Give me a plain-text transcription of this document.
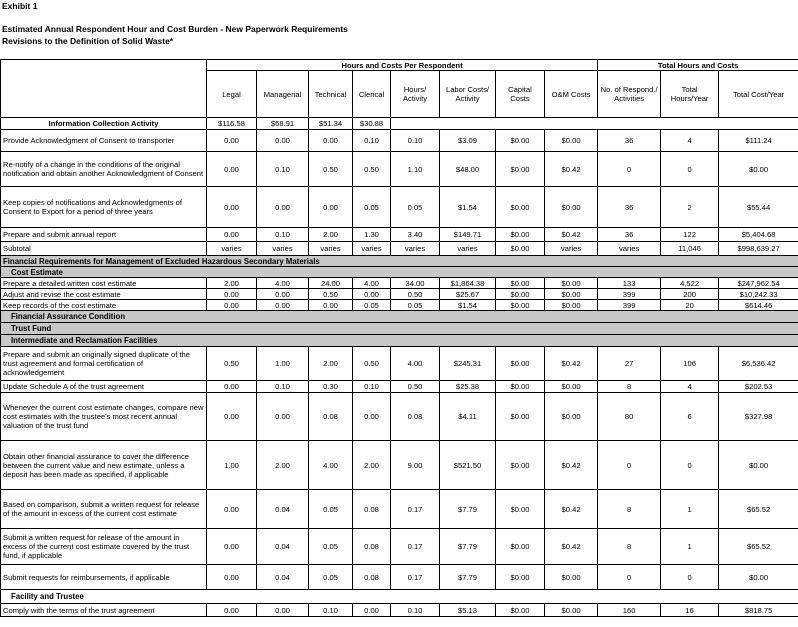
Exhibit 1
Estimated Annual Respondent Hour and Cost Burden - New Paperwork Requirements
Revisions to the Definition of Solid Waste*
	Hours and Costs Per Respondent								Total Hours and Costs		
	Legal	Managerial	Technical	Clerical	Hours/ Activity	Labor Costs/ Activity	Capital Costs	O&M Costs	No. of Respond./ Activities	Total Hours/Year	Total Cost/Year
Information Collection Activity	$116.58	$68.91	$51.34	$30.88							
Provide Acknowledgment of Consent to transporter	0.00	0.00	0.00	0.10	0.10	$3.09	$0.00	$0.00	36	4	$111.24
Re-notify of a change in the conditions of the original notification and obtain another Acknowledgment of Consent	0.00	0.10	0.50	0.50	1.10	$48.00	$0.00	$0.42	0	0	$0.00
Keep copies of notifications and Acknowledgments of Consent to Export for a period of three years	0.00	0.00	0.00	0.05	0.05	$1.54	$0.00	$0.00	36	2	$55.44
Prepare and submit annual report	0.00	0.10	2.00	1.30	3.40	$149.71	$0.00	$0.42	36	122	$5,404.68
Subtotal	varies	varies	varies	varies	varies	varies	$0.00	varies	varies	11,046	$998,639.27
Financial Requirements for Management of Excluded Hazardous Secondary Materials											
Cost Estimate											
Prepare a detailed written cost estimate	2.00	4.00	24.00	4.00	34.00	$1,864.38	$0.00	$0.00	133	4,522	$247,962.54
Adjust and revise the cost estimate	0.00	0.00	0.50	0.00	0.50	$25.67	$0.00	$0.00	399	200	$10,242.33
Keep records of the cost estimate	0.00	0.00	0.00	0.05	0.05	$1.54	$0.00	$0.00	399	20	$614.46
Financial Assurance Condition											
Trust Fund											
Intermediate and Reclamation Facilities											
Prepare and submit an originally signed duplicate of the trust agreement and formal certification of acknowledgement	0.50	1.00	2.00	0.50	4.00	$245.31	$0.00	$0.42	27	106	$6,536.42
Update Schedule A of the trust agreement	0.00	0.10	0.30	0.10	0.50	$25.38	$0.00	$0.00	8	4	$202.53
Whenever the current cost estimate changes, compare new cost estimates with the trustee's most recent annual valuation of the trust fund	0.00	0.00	0.08	0.00	0.08	$4.11	$0.00	$0.00	80	6	$327.98
Obtain other financial assurance to cover the difference between the current value and new estimate, unless a deposit has been made as specified, if applicable	1.00	2.00	4.00	2.00	9.00	$521.50	$0.00	$0.42	0	0	$0.00
Based on comparison, submit a written request for release of the amount in excess of the current cost estimate	0.00	0.04	0.05	0.08	0.17	$7.79	$0.00	$0.42	8	1	$65.52
Submit a written request for release of the amount in excess of the current cost estimate covered by the trust fund, if applicable	0.00	0.04	0.05	0.08	0.17	$7.79	$0.00	$0.42	8	1	$65.52
Submit requests for reimbursements, if applicable	0.00	0.04	0.05	0.08	0.17	$7.79	$0.00	$0.00	0	0	$0.00
Facility and Trustee											
Comply with the terms of the trust agreement	0.00	0.00	0.10	0.00	0.10	$5.13	$0.00	$0.00	160	16	$818.75
